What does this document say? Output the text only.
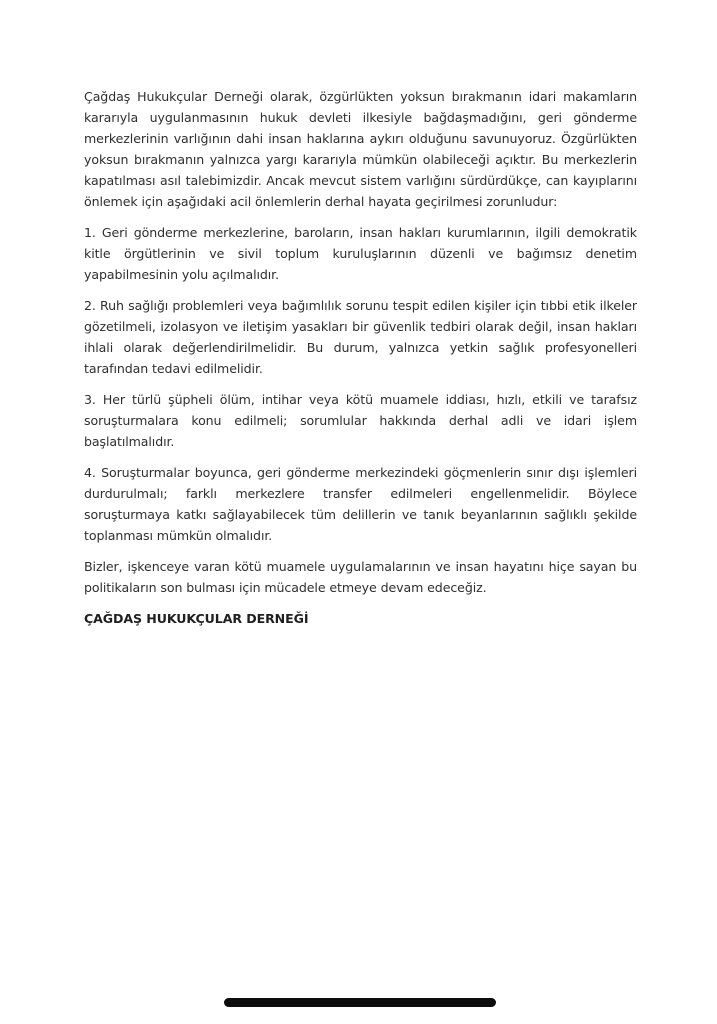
Çağdaş Hukukçular Derneği olarak, özgürlükten yoksun bırakmanın idari makamların kararıyla uygulanmasının hukuk devleti ilkesiyle bağdaşmadığını, geri gönderme merkezlerinin varlığının dahi insan haklarına aykırı olduğunu savunuyoruz. Özgürlükten yoksun bırakmanın yalnızca yargı kararıyla mümkün olabileceği açıktır. Bu merkezlerin kapatılması asıl talebimizdir. Ancak mevcut sistem varlığını sürdürdükçe, can kayıplarını önlemek için aşağıdaki acil önlemlerin derhal hayata geçirilmesi zorunludur:

1. Geri gönderme merkezlerine, baroların, insan hakları kurumlarının, ilgili demokratik kitle örgütlerinin ve sivil toplum kuruluşlarının düzenli ve bağımsız denetim yapabilmesinin yolu açılmalıdır.

2. Ruh sağlığı problemleri veya bağımlılık sorunu tespit edilen kişiler için tıbbi etik ilkeler gözetilmeli, izolasyon ve iletişim yasakları bir güvenlik tedbiri olarak değil, insan hakları ihlali olarak değerlendirilmelidir. Bu durum, yalnızca yetkin sağlık profesyonelleri tarafından tedavi edilmelidir.

3. Her türlü şüpheli ölüm, intihar veya kötü muamele iddiası, hızlı, etkili ve tarafsız soruşturmalara konu edilmeli; sorumlular hakkında derhal adli ve idari işlem başlatılmalıdır.

4. Soruşturmalar boyunca, geri gönderme merkezindeki göçmenlerin sınır dışı işlemleri durdurulmalı; farklı merkezlere transfer edilmeleri engellenmelidir. Böylece soruşturmaya katkı sağlayabilecek tüm delillerin ve tanık beyanlarının sağlıklı şekilde toplanması mümkün olmalıdır.

Bizler, işkenceye varan kötü muamele uygulamalarının ve insan hayatını hiçe sayan bu politikaların son bulması için mücadele etmeye devam edeceğiz.

ÇAĞDAŞ HUKUKÇULAR DERNEĞİ
